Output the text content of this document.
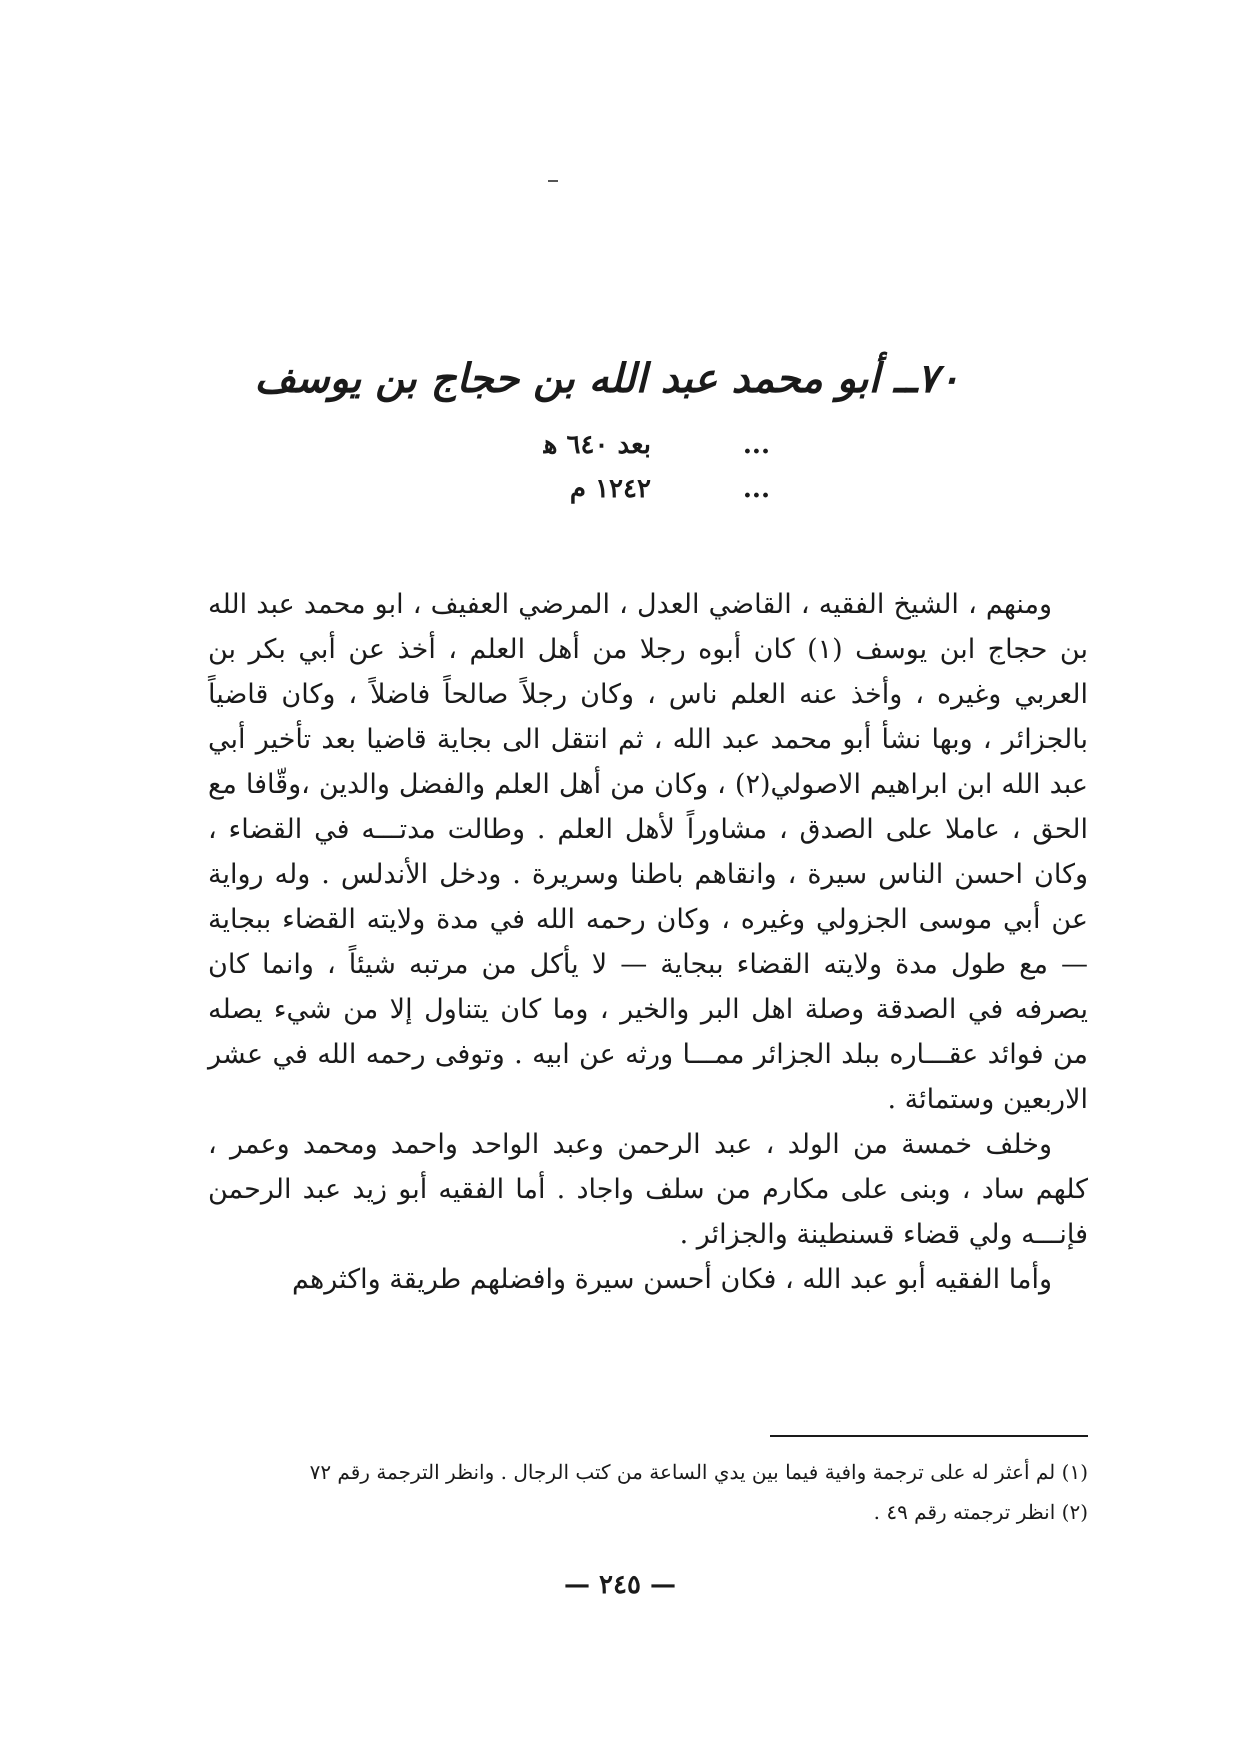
٧٠ــ أبو محمد عبد الله بن حجاج بن يوسف
... بعد ٦٤٠ ﻫ
... ١٢٤٢ م

ومنهم ، الشيخ الفقيه ، القاضي العدل ، المرضي العفيف ، ابو محمد عبد الله بن حجاج ابن يوسف (١) كان أبوه رجلا من أهل العلم ، أخذ عن أبي بكر بن العربي وغيره ، وأخذ عنه العلم ناس ، وكان رجلاً صالحاً فاضلاً ، وكان قاضياً بالجزائر ، وبها نشأ أبو محمد عبد الله ، ثم انتقل الى بجاية قاضيا بعد تأخير أبي عبد الله ابن ابراهيم الاصولي(٢) ، وكان من أهل العلم والفضل والدين ،وقّافا مع الحق ، عاملا على الصدق ، مشاوراً لأهل العلم . وطالت مدتـــه في القضاء ، وكان احسن الناس سيرة ، وانقاهم باطنا وسريرة . ودخل الأندلس . وله رواية عن أبي موسى الجزولي وغيره ، وكان رحمه الله في مدة ولايته القضاء ببجاية — مع طول مدة ولايته القضاء ببجاية — لا يأكل من مرتبه شيئاً ، وانما كان يصرفه في الصدقة وصلة اهل البر والخير ، وما كان يتناول إلا من شيء يصله من فوائد عقـــاره ببلد الجزائر ممـــا ورثه عن ابيه . وتوفى رحمه الله في عشر الاربعين وستمائة .

وخلف خمسة من الولد ، عبد الرحمن وعبد الواحد واحمد ومحمد وعمر ، كلهم ساد ، وبنى على مكارم من سلف واجاد . أما الفقيه أبو زيد عبد الرحمن فإنـــه ولي قضاء قسنطينة والجزائر .

وأما الفقيه أبو عبد الله ، فكان أحسن سيرة وافضلهم طريقة واكثرهم

(١) لم أعثر له على ترجمة وافية فيما بين يدي الساعة من كتب الرجال . وانظر الترجمة رقم ٧٢
(٢) انظر ترجمته رقم ٤٩ .
— ٢٤٥ —
